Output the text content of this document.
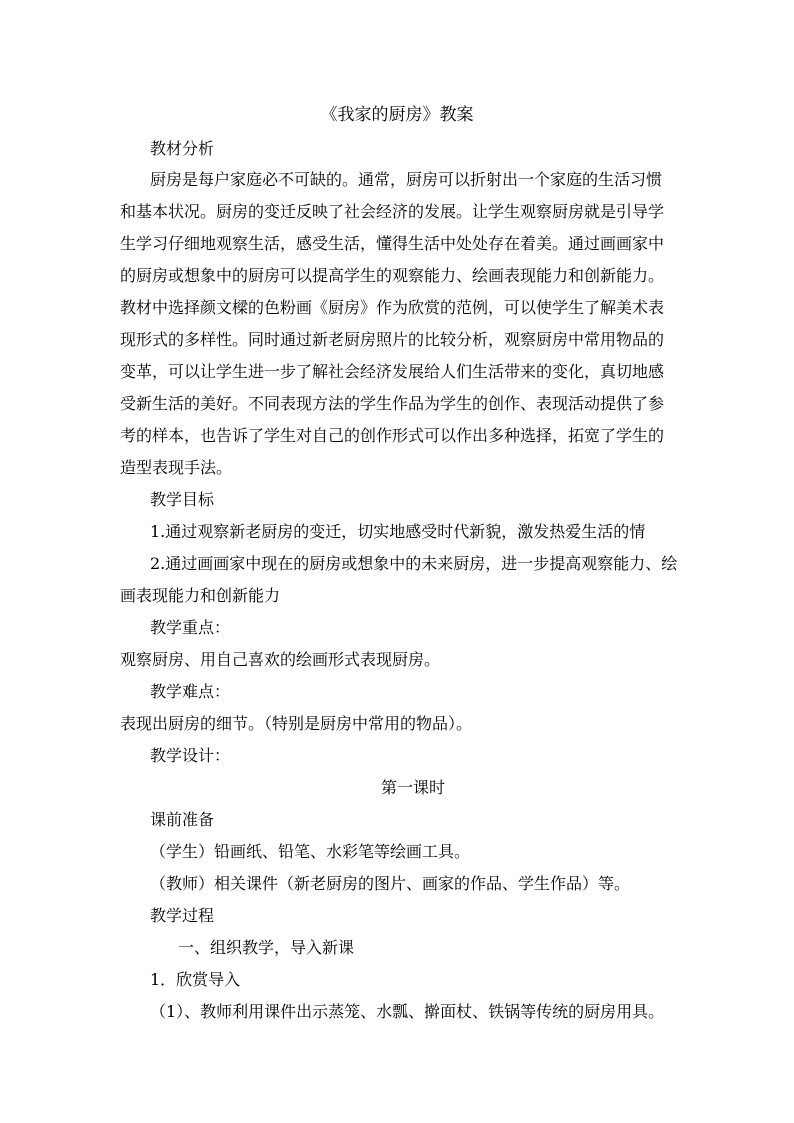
《我家的厨房》教案
教材分析
厨房是每户家庭必不可缺的。通常，厨房可以折射出一个家庭的生活习惯
和基本状况。厨房的变迁反映了社会经济的发展。让学生观察厨房就是引导学
生学习仔细地观察生活，感受生活，懂得生活中处处存在着美。通过画画家中
的厨房或想象中的厨房可以提高学生的观察能力、绘画表现能力和创新能力。
教材中选择颜文樑的色粉画《厨房》作为欣赏的范例，可以使学生了解美术表
现形式的多样性。同时通过新老厨房照片的比较分析，观察厨房中常用物品的
变革，可以让学生进一步了解社会经济发展给人们生活带来的变化，真切地感
受新生活的美好。不同表现方法的学生作品为学生的创作、表现活动提供了参
考的样本，也告诉了学生对自己的创作形式可以作出多种选择，拓宽了学生的
造型表现手法。
教学目标
1.通过观察新老厨房的变迁，切实地感受时代新貌，激发热爱生活的情
2.通过画画家中现在的厨房或想象中的未来厨房，进一步提高观察能力、绘
画表现能力和创新能力
教学重点：
观察厨房、用自己喜欢的绘画形式表现厨房。
教学难点：
表现出厨房的细节。（特别是厨房中常用的物品）。
教学设计：
第一课时
课前准备
（学生）铅画纸、铅笔、水彩笔等绘画工具。
（教师）相关课件（新老厨房的图片、画家的作品、学生作品）等。
教学过程
一、组织教学，导入新课
1．欣赏导入
（1）、教师利用课件出示蒸笼、水瓢、擀面杖、铁锅等传统的厨房用具。
